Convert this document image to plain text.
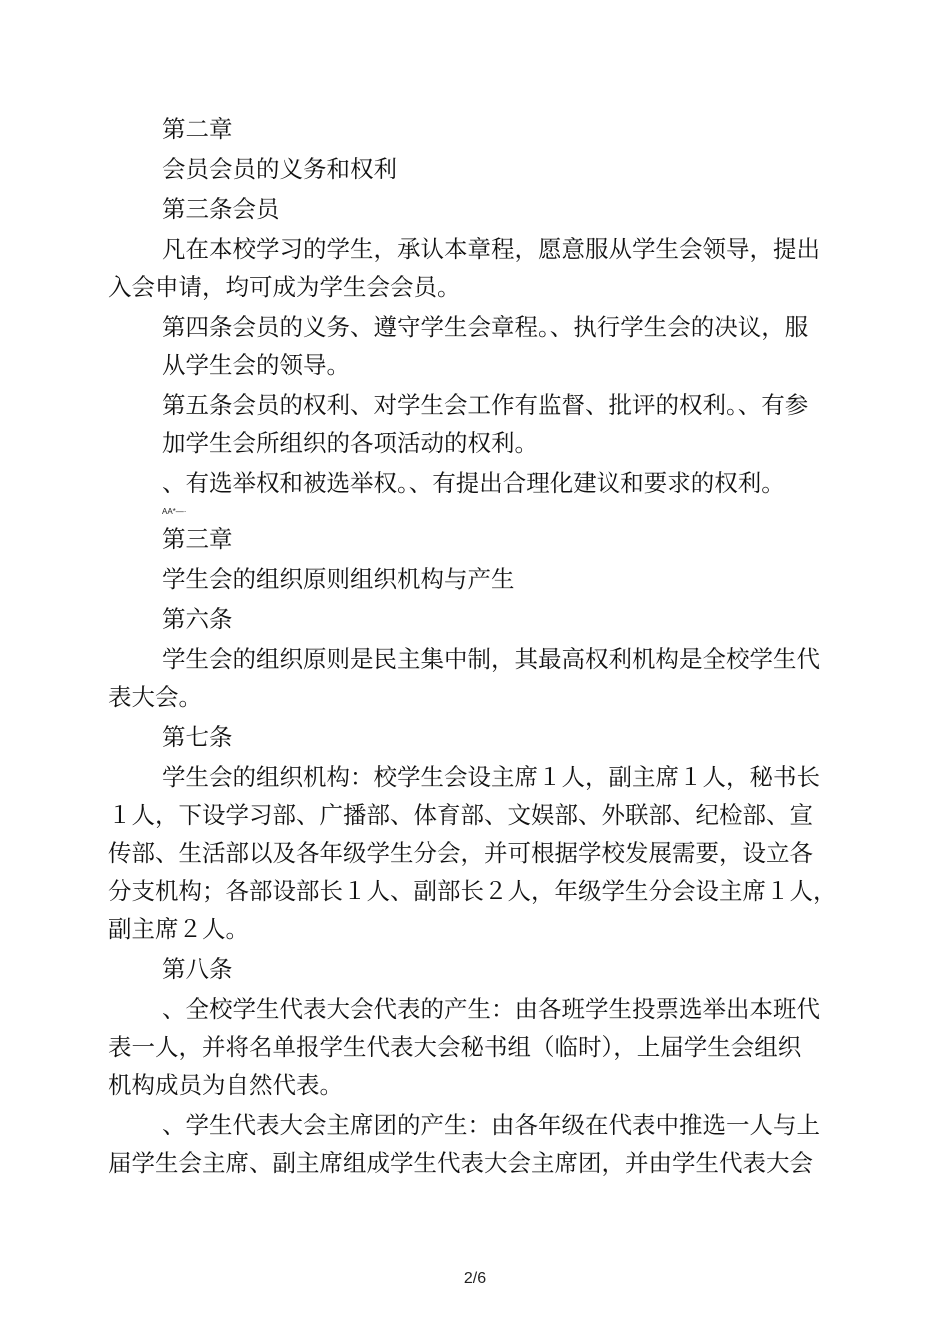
第二章

会员会员的义务和权利

第三条会员

凡在本校学习的学生，承认本章程，愿意服从学生会领导，提出

入会申请，均可成为学生会会员。

第四条会员的义务、遵守学生会章程。、执行学生会的决议，服

从学生会的领导。

第五条会员的权利、对学生会工作有监督、批评的权利。、有参

加学生会所组织的各项活动的权利。

、有选举权和被选举权。、有提出合理化建议和要求的权利。

AA*—·

第三章

学生会的组织原则组织机构与产生

第六条

学生会的组织原则是民主集中制，其最高权利机构是全校学生代

表大会。

第七条

学生会的组织机构：校学生会设主席１人，副主席１人，秘书长

１人，下设学习部、广播部、体育部、文娱部、外联部、纪检部、宣

传部、生活部以及各年级学生分会，并可根据学校发展需要，设立各

分支机构；各部设部长１人、副部长２人，年级学生分会设主席１人，

副主席２人。

第八条

、全校学生代表大会代表的产生：由各班学生投票选举出本班代

表一人，并将名单报学生代表大会秘书组（临时），上届学生会组织

机构成员为自然代表。

、学生代表大会主席团的产生：由各年级在代表中推选一人与上

届学生会主席、副主席组成学生代表大会主席团，并由学生代表大会

2/6
